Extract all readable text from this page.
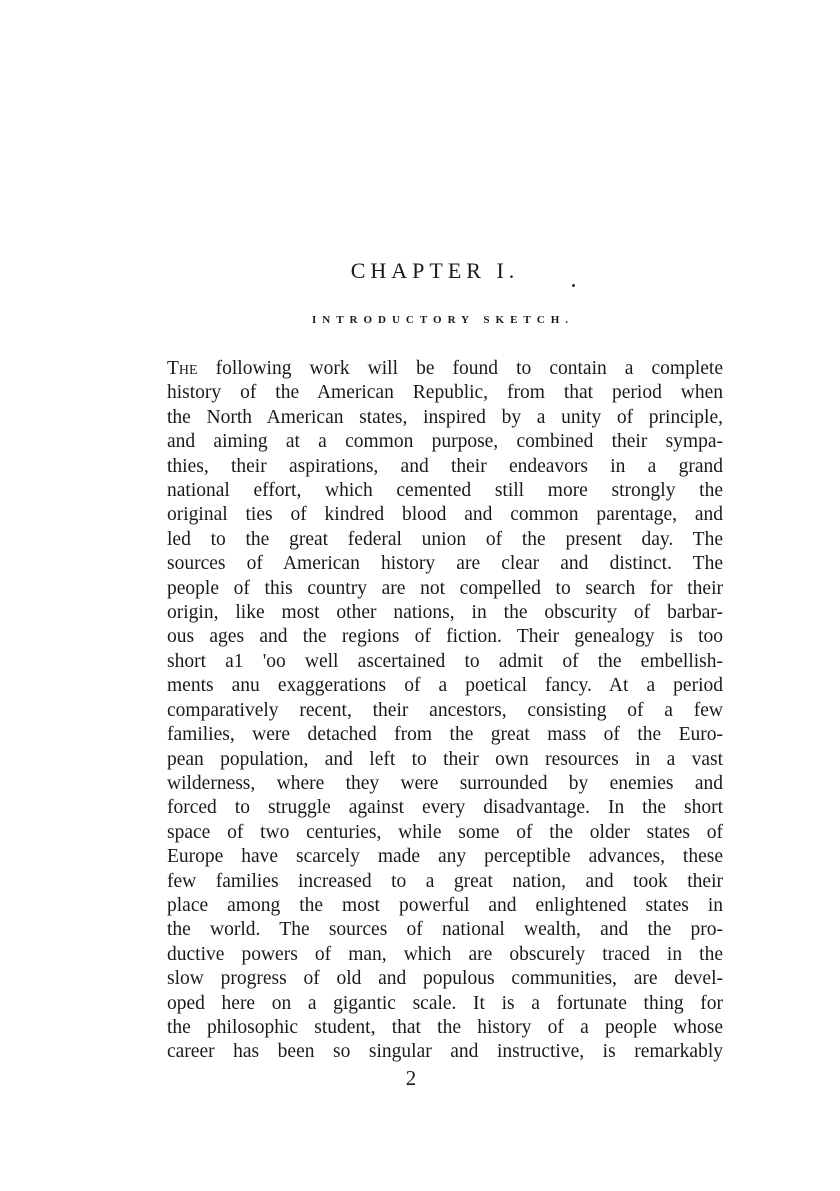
CHAPTER I.
INTRODUCTORY SKETCH.
The following work will be found to contain a complete
history of the American Republic, from that period when
the North American states, inspired by a unity of principle,
and aiming at a common purpose, combined their sympa-
thies, their aspirations, and their endeavors in a grand
national effort, which cemented still more strongly the
original ties of kindred blood and common parentage, and
led to the great federal union of the present day. The
sources of American history are clear and distinct. The
people of this country are not compelled to search for their
origin, like most other nations, in the obscurity of barbar-
ous ages and the regions of fiction. Their genealogy is too
short a1 'oo well ascertained to admit of the embellish-
ments anu exaggerations of a poetical fancy. At a period
comparatively recent, their ancestors, consisting of a few
families, were detached from the great mass of the Euro-
pean population, and left to their own resources in a vast
wilderness, where they were surrounded by enemies and
forced to struggle against every disadvantage. In the short
space of two centuries, while some of the older states of
Europe have scarcely made any perceptible advances, these
few families increased to a great nation, and took their
place among the most powerful and enlightened states in
the world. The sources of national wealth, and the pro-
ductive powers of man, which are obscurely traced in the
slow progress of old and populous communities, are devel-
oped here on a gigantic scale. It is a fortunate thing for
the philosophic student, that the history of a people whose
career has been so singular and instructive, is remarkably
2
